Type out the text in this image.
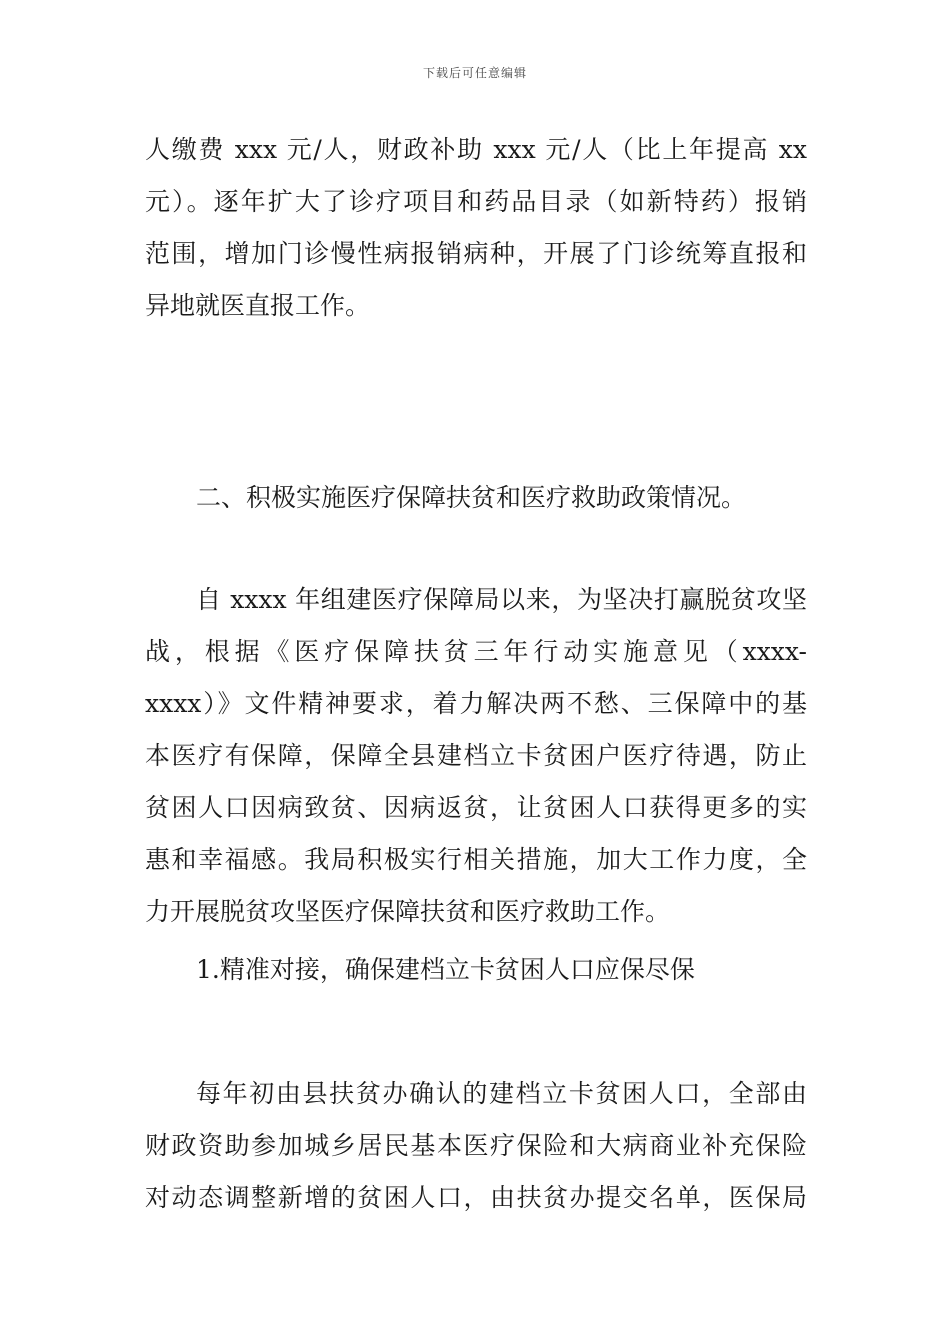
下载后可任意编辑
人缴费 xxx 元/人，财政补助 xxx 元/人（比上年提高 xx
元）。逐年扩大了诊疗项目和药品目录（如新特药）报销
范围，增加门诊慢性病报销病种，开展了门诊统筹直报和
异地就医直报工作。
二、积极实施医疗保障扶贫和医疗救助政策情况。
自 xxxx 年组建医疗保障局以来，为坚决打赢脱贫攻坚
战，根据《医疗保障扶贫三年行动实施意见（xxxx-
xxxx）》文件精神要求，着力解决两不愁、三保障中的基
本医疗有保障，保障全县建档立卡贫困户医疗待遇，防止
贫困人口因病致贫、因病返贫，让贫困人口获得更多的实
惠和幸福感。我局积极实行相关措施，加大工作力度，全
力开展脱贫攻坚医疗保障扶贫和医疗救助工作。
1.精准对接，确保建档立卡贫困人口应保尽保
每年初由县扶贫办确认的建档立卡贫困人口，全部由
财政资助参加城乡居民基本医疗保险和大病商业补充保险
对动态调整新增的贫困人口，由扶贫办提交名单，医保局
